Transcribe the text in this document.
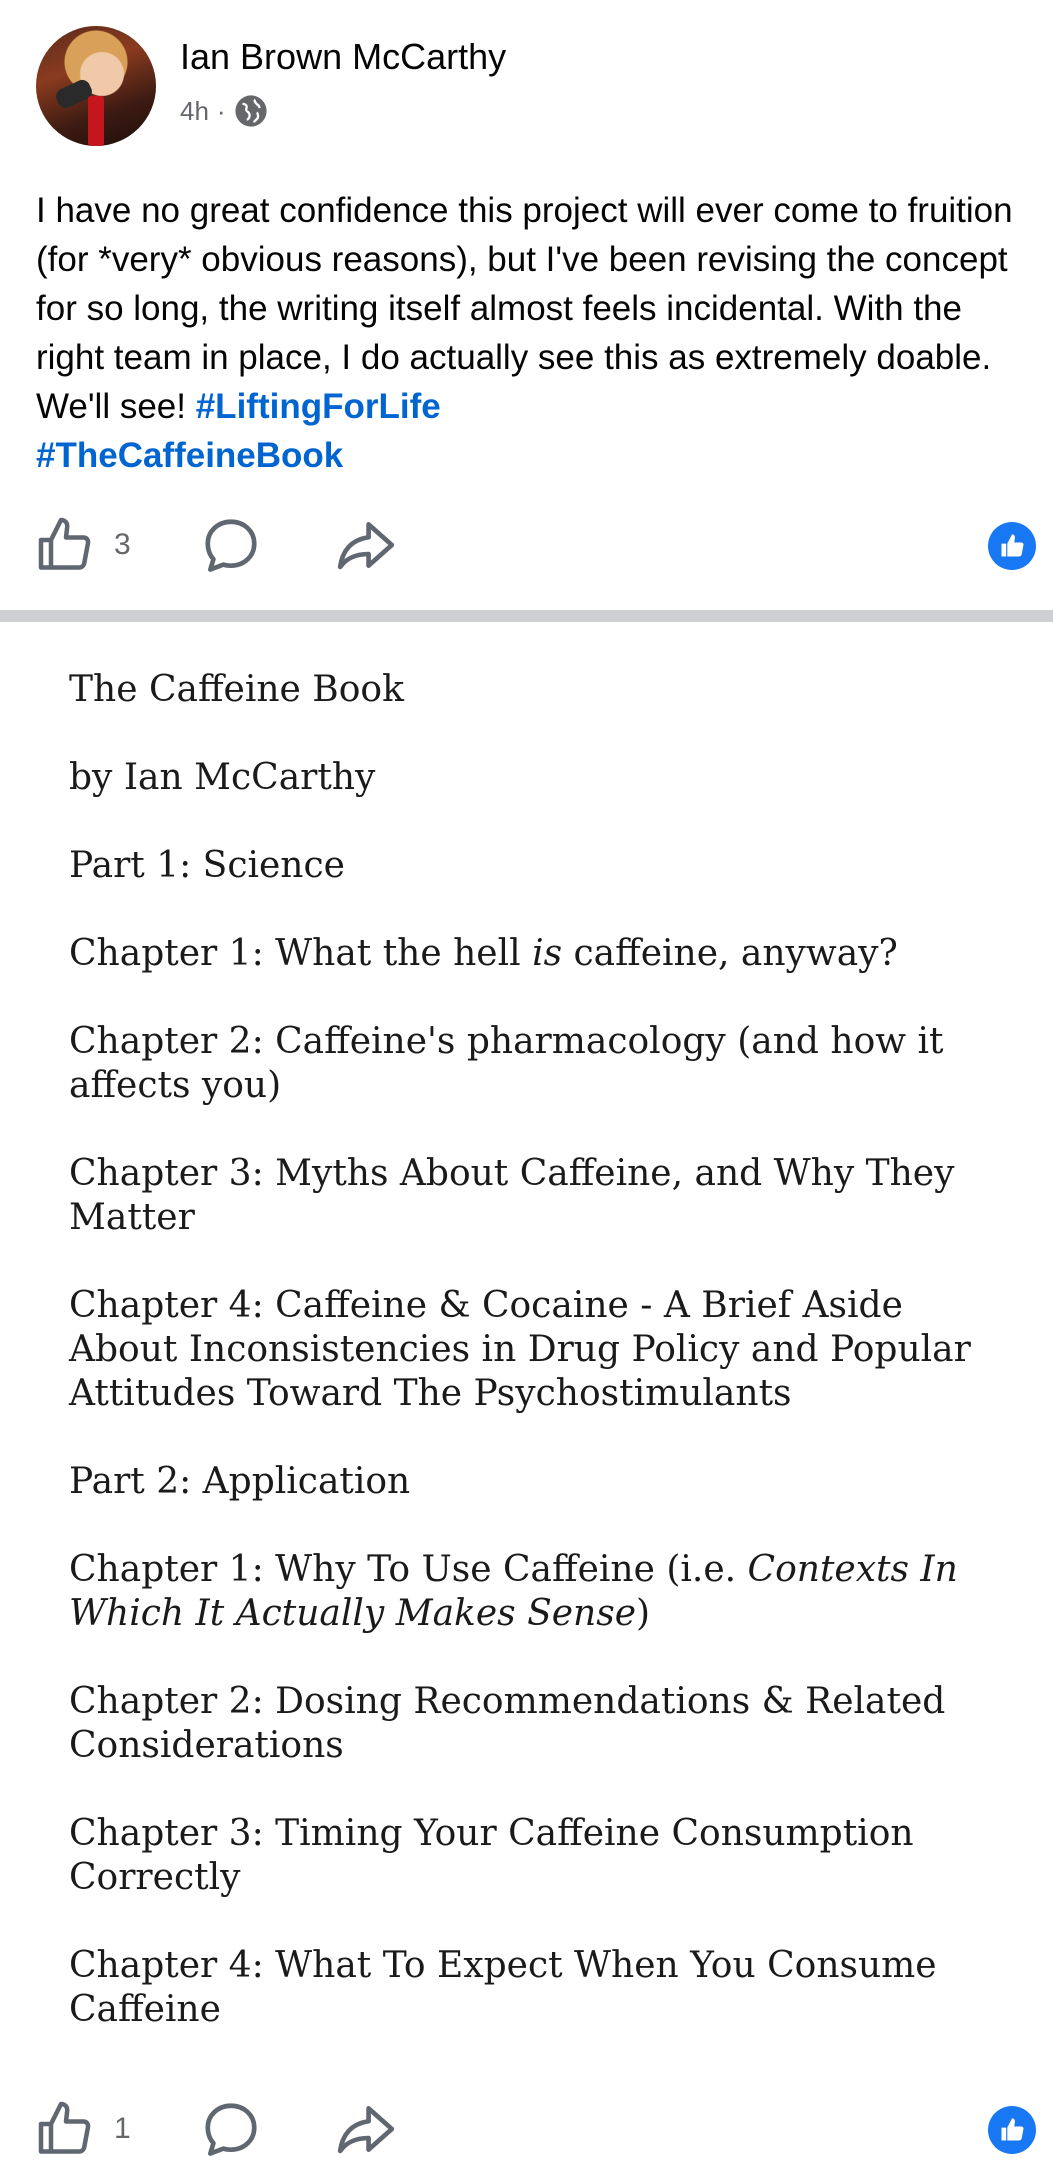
Ian Brown McCarthy
4h ·
I have no great confidence this project will ever come to fruition (for *very* obvious reasons), but I've been revising the concept for so long, the writing itself almost feels incidental. With the right team in place, I do actually see this as extremely doable. We'll see! #LiftingForLife
#TheCaffeineBook
3

The Caffeine Book

by Ian McCarthy

Part 1: Science

Chapter 1: What the hell is caffeine, anyway?

Chapter 2: Caffeine's pharmacology (and how it affects you)

Chapter 3: Myths About Caffeine, and Why They Matter

Chapter 4: Caffeine & Cocaine - A Brief Aside About Inconsistencies in Drug Policy and Popular Attitudes Toward The Psychostimulants

Part 2: Application

Chapter 1: Why To Use Caffeine (i.e. Contexts In Which It Actually Makes Sense)

Chapter 2: Dosing Recommendations & Related Considerations

Chapter 3: Timing Your Caffeine Consumption Correctly

Chapter 4: What To Expect When You Consume Caffeine

1
